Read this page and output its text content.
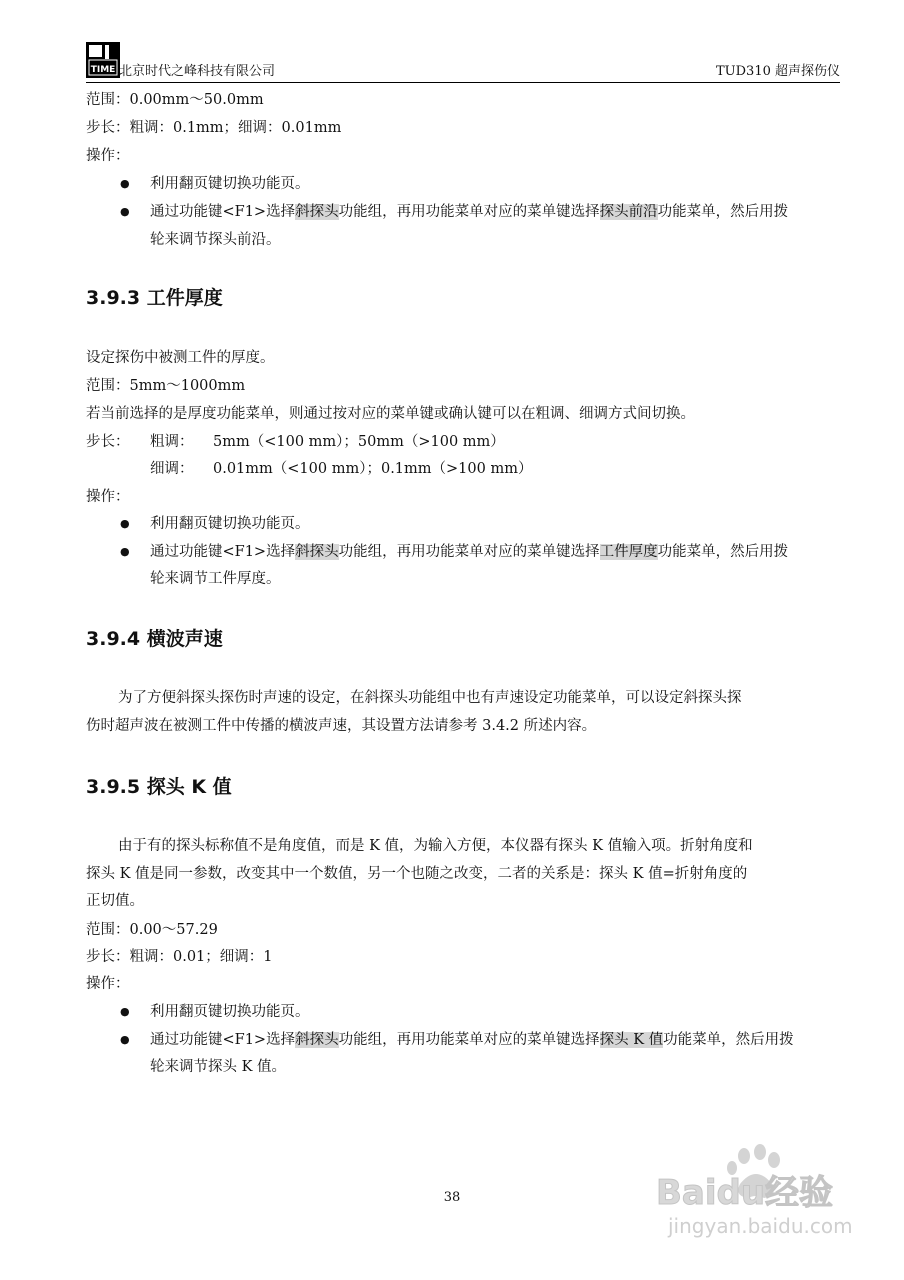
TIME 北京时代之峰科技有限公司	TUD310 超声探伤仪
范围：0.00mm～50.0mm
步长：粗调：0.1mm；细调：0.01mm
操作：
● 利用翻页键切换功能页。
● 通过功能键<F1>选择斜探头功能组，再用功能菜单对应的菜单键选择探头前沿功能菜单，然后用拨
轮来调节探头前沿。
3.9.3 工件厚度
设定探伤中被测工件的厚度。
范围：5mm～1000mm
若当前选择的是厚度功能菜单，则通过按对应的菜单键或确认键可以在粗调、细调方式间切换。
步长： 粗调： 5mm（<100 mm）；50mm（>100 mm）
细调： 0.01mm（<100 mm）；0.1mm（>100 mm）
操作：
● 利用翻页键切换功能页。
● 通过功能键<F1>选择斜探头功能组，再用功能菜单对应的菜单键选择工件厚度功能菜单，然后用拨
轮来调节工件厚度。
3.9.4 横波声速
为了方便斜探头探伤时声速的设定，在斜探头功能组中也有声速设定功能菜单，可以设定斜探头探
伤时超声波在被测工件中传播的横波声速，其设置方法请参考 3.4.2 所述内容。
3.9.5 探头 K 值
由于有的探头标称值不是角度值，而是 K 值，为输入方便，本仪器有探头 K 值输入项。折射角度和
探头 K 值是同一参数，改变其中一个数值，另一个也随之改变，二者的关系是：探头 K 值=折射角度的
正切值。
范围：0.00～57.29
步长：粗调：0.01；细调：1
操作：
● 利用翻页键切换功能页。
● 通过功能键<F1>选择斜探头功能组，再用功能菜单对应的菜单键选择探头 K 值功能菜单，然后用拨
轮来调节探头 K 值。
38	Baidu经验
jingyan.baidu.com
